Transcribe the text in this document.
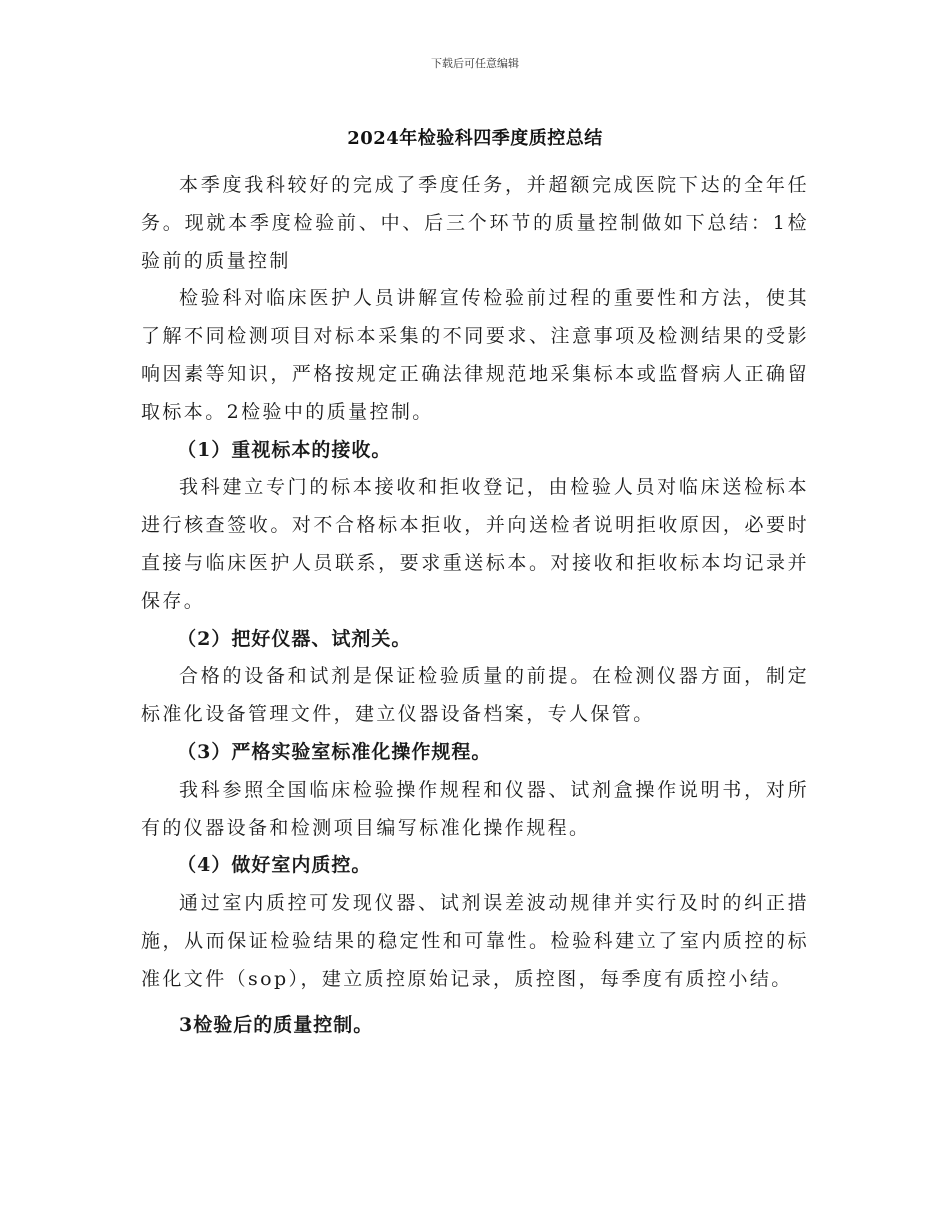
下载后可任意编辑
2024年检验科四季度质控总结

本季度我科较好的完成了季度任务，并超额完成医院下达的全年任务。现就本季度检验前、中、后三个环节的质量控制做如下总结：1检验前的质量控制

检验科对临床医护人员讲解宣传检验前过程的重要性和方法，使其了解不同检测项目对标本采集的不同要求、注意事项及检测结果的受影响因素等知识，严格按规定正确法律规范地采集标本或监督病人正确留取标本。2检验中的质量控制。

（1）重视标本的接收。

我科建立专门的标本接收和拒收登记，由检验人员对临床送检标本进行核查签收。对不合格标本拒收，并向送检者说明拒收原因，必要时直接与临床医护人员联系，要求重送标本。对接收和拒收标本均记录并保存。

（2）把好仪器、试剂关。

合格的设备和试剂是保证检验质量的前提。在检测仪器方面，制定标准化设备管理文件，建立仪器设备档案，专人保管。

（3）严格实验室标准化操作规程。

我科参照全国临床检验操作规程和仪器、试剂盒操作说明书，对所有的仪器设备和检测项目编写标准化操作规程。

（4）做好室内质控。

通过室内质控可发现仪器、试剂误差波动规律并实行及时的纠正措施，从而保证检验结果的稳定性和可靠性。检验科建立了室内质控的标准化文件（sop），建立质控原始记录，质控图，每季度有质控小结。

3检验后的质量控制。
